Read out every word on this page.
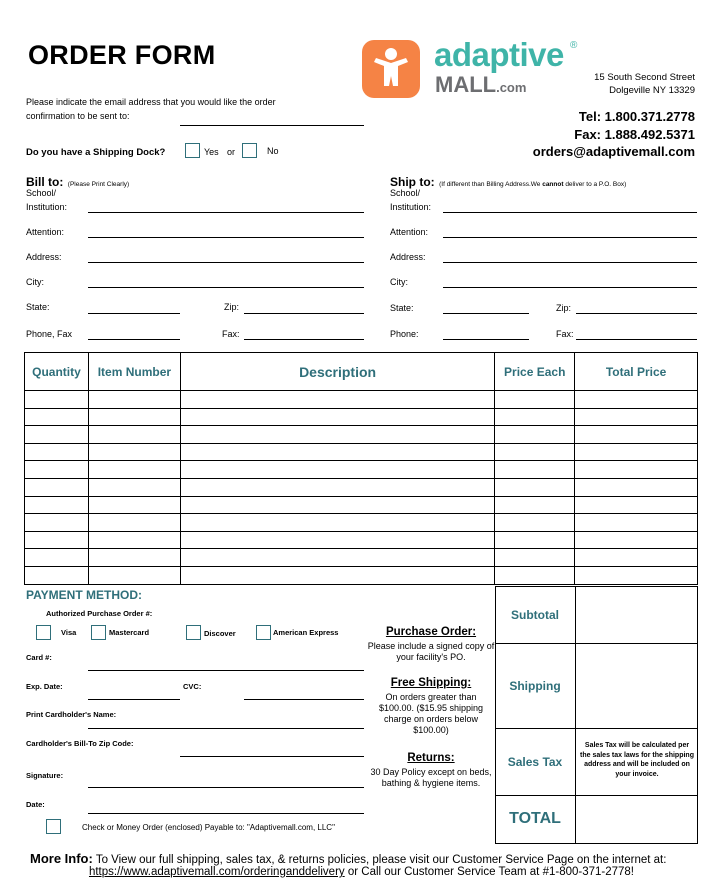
ORDER FORM	adaptive ®
MALL.com
15 South Second Street
Dolgeville NY 13329
Tel: 1.800.371.2778
Fax: 1.888.492.5371
orders@adaptivemall.com
Please indicate the email address that you would like the order
confirmation to be sent to:
Do you have a Shipping Dock?	Yes or	No
Bill to: (Please Print Clearly)
School/
Institution:
Attention:
Address:
City:
State:	Zip:
Phone, Fax	Fax:
Ship to: (If different than Billing Address.We cannot deliver to a P.O. Box)
School/
Institution:
Attention:
Address:
City:
State:	Zip:
Phone:	Fax:
Quantity	Item Number	Description	Price Each	Total Price

PAYMENT METHOD:
Authorized Purchase Order #:
Visa	Mastercard	Discover	American Express
Card #:
Exp. Date:	CVC:
Print Cardholder's Name:
Cardholder's Bill-To Zip Code:
Signature:
Date:
Check or Money Order (enclosed) Payable to: "Adaptivemall.com, LLC"
Purchase Order:
Please include a signed copy of your facility's PO.
Free Shipping:
On orders greater than $100.00. ($15.95 shipping charge on orders below $100.00)
Returns:
30 Day Policy except on beds, bathing & hygiene items.
Subtotal
Shipping
Sales Tax
Sales Tax will be calculated per the sales tax laws for the shipping address and will be included on your invoice.
TOTAL
More Info: To View our full shipping, sales tax, & returns policies, please visit our Customer Service Page on the internet at:
https://www.adaptivemall.com/orderinganddelivery or Call our Customer Service Team at #1-800-371-2778!
